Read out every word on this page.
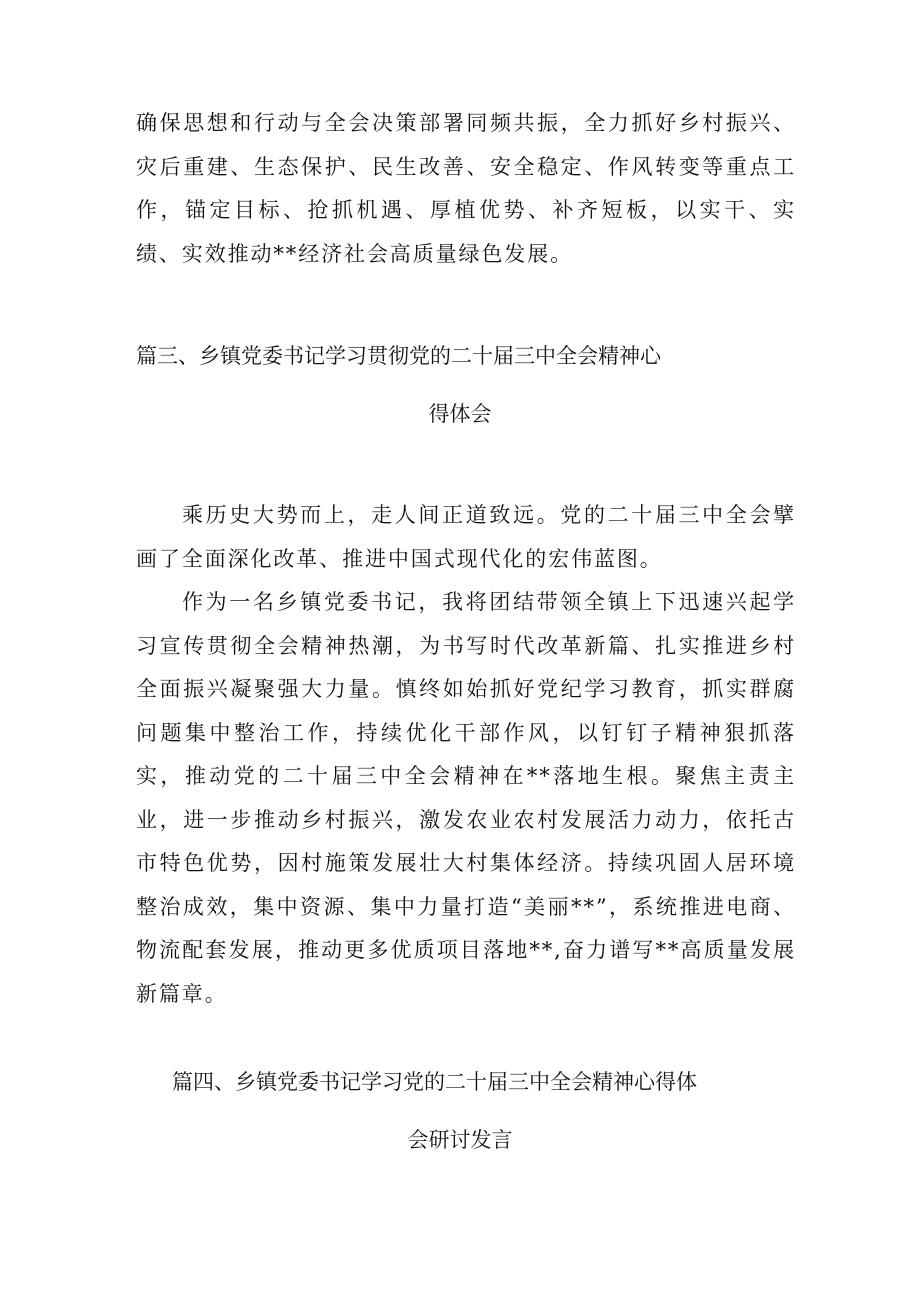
确保思想和行动与全会决策部署同频共振，全力抓好乡村振兴、灾后重建、生态保护、民生改善、安全稳定、作风转变等重点工作，锚定目标、抢抓机遇、厚植优势、补齐短板，以实干、实绩、实效推动**经济社会高质量绿色发展。

篇三、乡镇党委书记学习贯彻党的二十届三中全会精神心
得体会

乘历史大势而上，走人间正道致远。党的二十届三中全会擘画了全面深化改革、推进中国式现代化的宏伟蓝图。

作为一名乡镇党委书记，我将团结带领全镇上下迅速兴起学习宣传贯彻全会精神热潮，为书写时代改革新篇、扎实推进乡村全面振兴凝聚强大力量。慎终如始抓好党纪学习教育，抓实群腐问题集中整治工作，持续优化干部作风，以钉钉子精神狠抓落实，推动党的二十届三中全会精神在**落地生根。聚焦主责主业，进一步推动乡村振兴，激发农业农村发展活力动力，依托古市特色优势，因村施策发展壮大村集体经济。持续巩固人居环境整治成效，集中资源、集中力量打造“美丽**”，系统推进电商、物流配套发展，推动更多优质项目落地**,奋力谱写**高质量发展新篇章。

篇四、乡镇党委书记学习党的二十届三中全会精神心得体
会研讨发言
